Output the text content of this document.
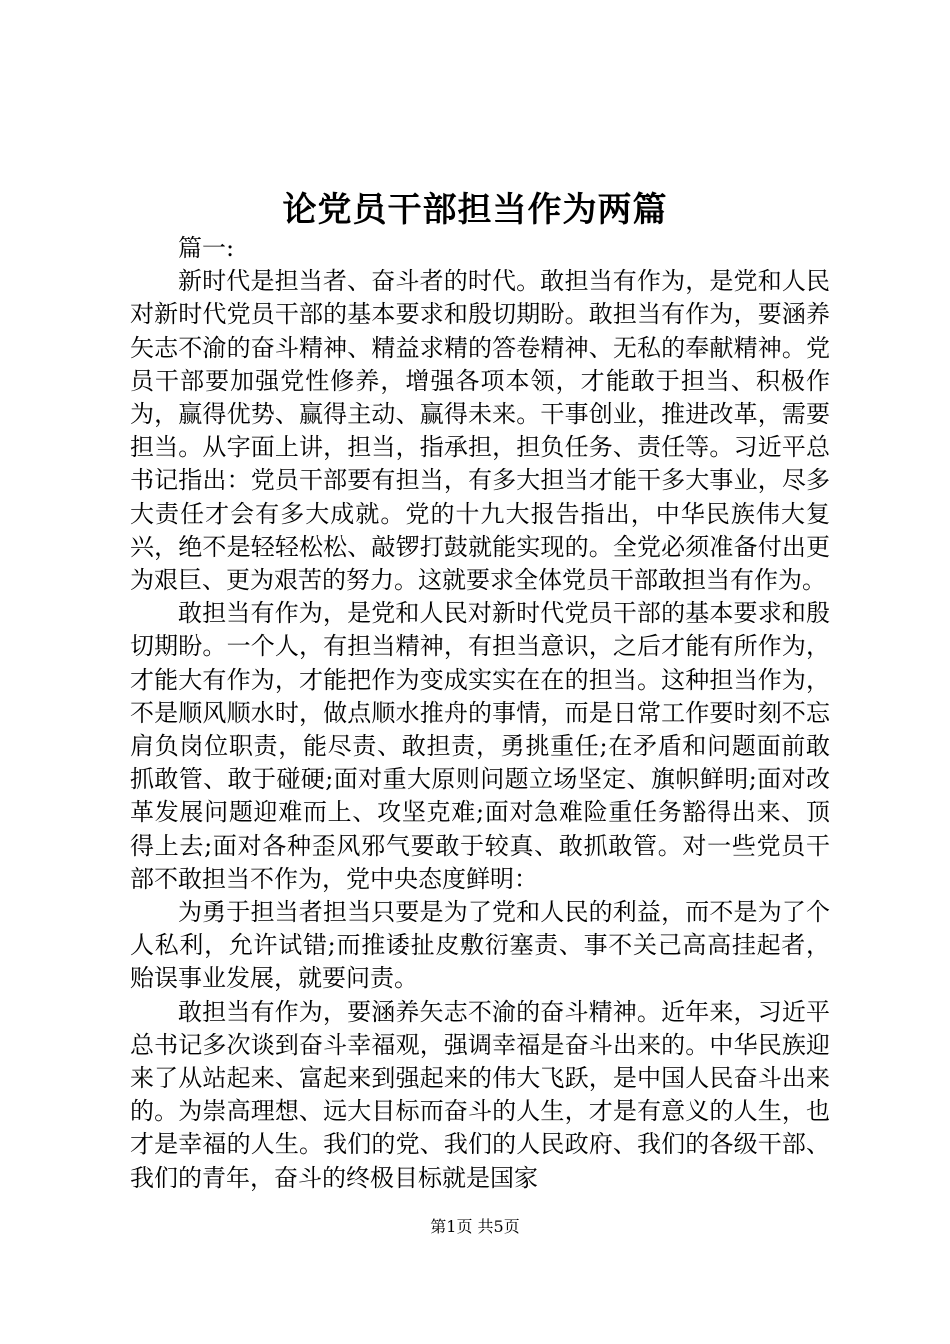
论党员干部担当作为两篇

篇一:

新时代是担当者、奋斗者的时代。敢担当有作为，是党和人民对新时代党员干部的基本要求和殷切期盼。敢担当有作为，要涵养矢志不渝的奋斗精神、精益求精的答卷精神、无私的奉献精神。党员干部要加强党性修养，增强各项本领，才能敢于担当、积极作为，赢得优势、赢得主动、赢得未来。干事创业，推进改革，需要担当。从字面上讲，担当，指承担，担负任务、责任等。习近平总书记指出：党员干部要有担当，有多大担当才能干多大事业，尽多大责任才会有多大成就。党的十九大报告指出，中华民族伟大复兴，绝不是轻轻松松、敲锣打鼓就能实现的。全党必须准备付出更为艰巨、更为艰苦的努力。这就要求全体党员干部敢担当有作为。

敢担当有作为，是党和人民对新时代党员干部的基本要求和殷切期盼。一个人，有担当精神，有担当意识，之后才能有所作为，才能大有作为，才能把作为变成实实在在的担当。这种担当作为，不是顺风顺水时，做点顺水推舟的事情，而是日常工作要时刻不忘肩负岗位职责，能尽责、敢担责，勇挑重任;在矛盾和问题面前敢抓敢管、敢于碰硬;面对重大原则问题立场坚定、旗帜鲜明;面对改革发展问题迎难而上、攻坚克难;面对急难险重任务豁得出来、顶得上去;面对各种歪风邪气要敢于较真、敢抓敢管。对一些党员干部不敢担当不作为，党中央态度鲜明：

为勇于担当者担当只要是为了党和人民的利益，而不是为了个人私利，允许试错;而推诿扯皮敷衍塞责、事不关己高高挂起者，贻误事业发展，就要问责。

敢担当有作为，要涵养矢志不渝的奋斗精神。近年来，习近平总书记多次谈到奋斗幸福观，强调幸福是奋斗出来的。中华民族迎来了从站起来、富起来到强起来的伟大飞跃，是中国人民奋斗出来的。为崇高理想、远大目标而奋斗的人生，才是有意义的人生，也才是幸福的人生。我们的党、我们的人民政府、我们的各级干部、我们的青年，奋斗的终极目标就是国家

第1页 共5页
